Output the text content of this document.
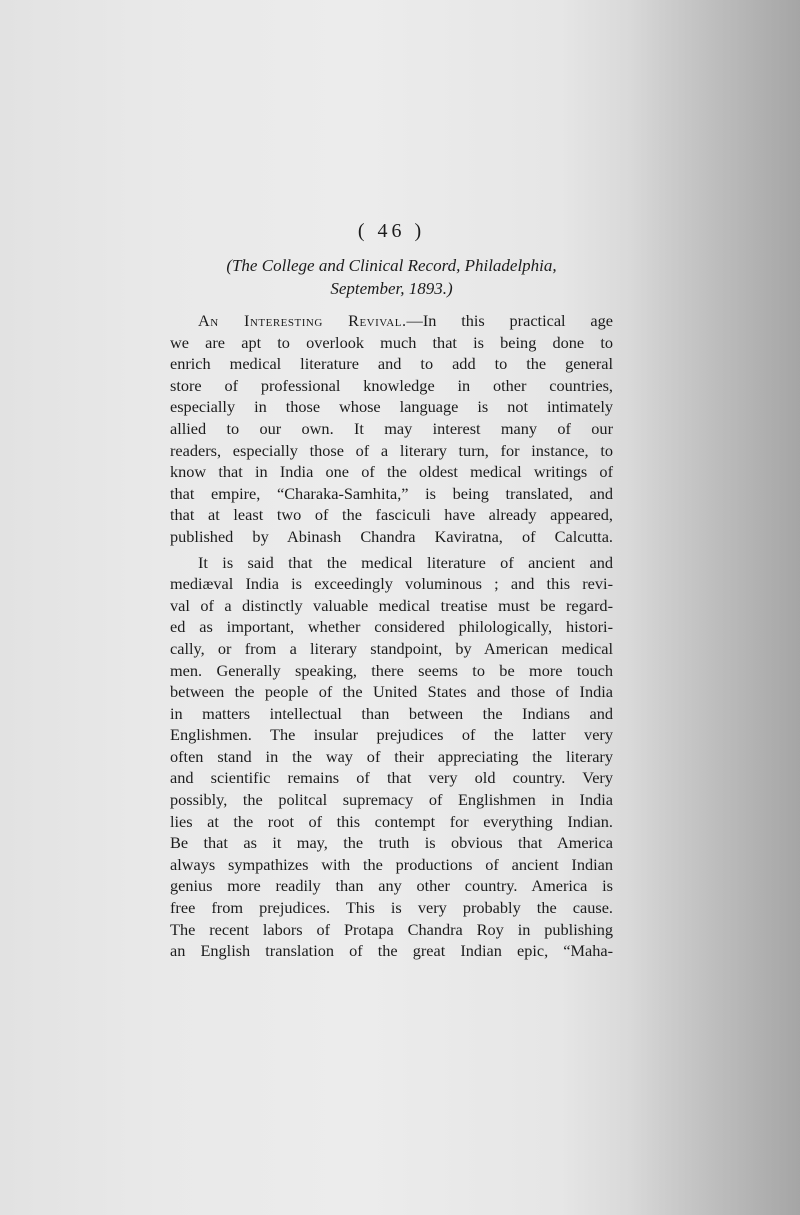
( 46 )
(The College and Clinical Record, Philadelphia,
September, 1893.)
An Interesting Revival.—In this practical age
we are apt to overlook much that is being done to
enrich medical literature and to add to the general
store of professional knowledge in other countries,
especially in those whose language is not intimately
allied to our own. It may interest many of our
readers, especially those of a literary turn, for instance, to
know that in India one of the oldest medical writings of
that empire, “Charaka-Samhita,” is being translated, and
that at least two of the fasciculi have already appeared,
published by Abinash Chandra Kaviratna, of Calcutta.
It is said that the medical literature of ancient and
mediæval India is exceedingly voluminous ; and this revi-
val of a distinctly valuable medical treatise must be regard-
ed as important, whether considered philologically, histori-
cally, or from a literary standpoint, by American medical
men. Generally speaking, there seems to be more touch
between the people of the United States and those of India
in matters intellectual than between the Indians and
Englishmen. The insular prejudices of the latter very
often stand in the way of their appreciating the literary
and scientific remains of that very old country. Very
possibly, the politcal supremacy of Englishmen in India
lies at the root of this contempt for everything Indian.
Be that as it may, the truth is obvious that America
always sympathizes with the productions of ancient Indian
genius more readily than any other country. America is
free from prejudices. This is very probably the cause.
The recent labors of Protapa Chandra Roy in publishing
an English translation of the great Indian epic, “Maha-
